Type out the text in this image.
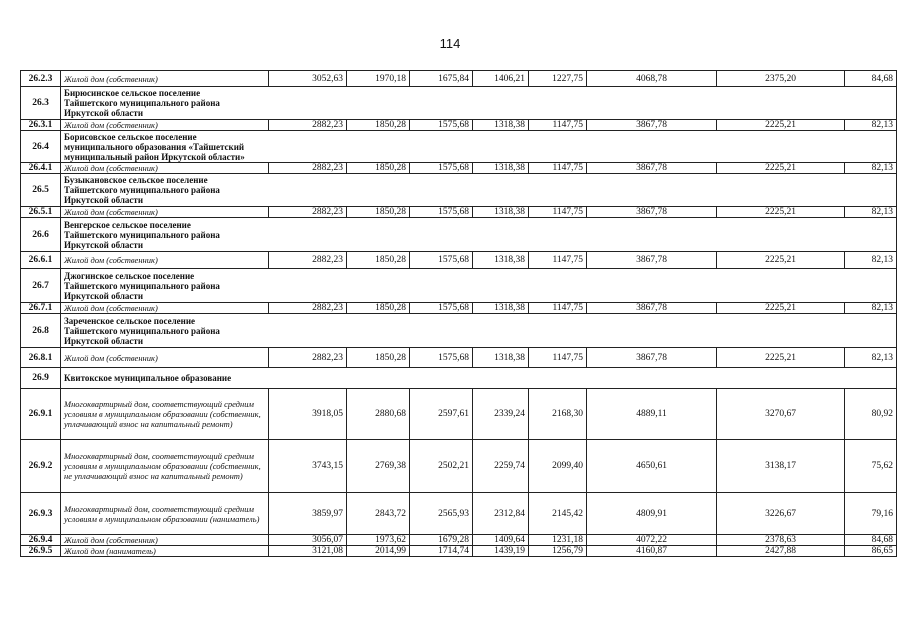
114
26.2.3	Жилой дом (собственник)	3052,63	1970,18	1675,84	1406,21	1227,75	4068,78	2375,20	84,68
26.3	Бирюсинское сельское поселение
Тайшетского муниципального района
Иркутской области								

26.3.1	Жилой дом (собственник)	2882,23	1850,28	1575,68	1318,38	1147,75	3867,78	2225,21	82,13
26.4	Борисовское сельское поселение
муниципального образования «Тайшетский
муниципальный район Иркутской области»								

26.4.1	Жилой дом (собственник)	2882,23	1850,28	1575,68	1318,38	1147,75	3867,78	2225,21	82,13
26.5	Бузыкановское сельское поселение
Тайшетского муниципального района
Иркутской области								

26.5.1	Жилой дом (собственник)	2882,23	1850,28	1575,68	1318,38	1147,75	3867,78	2225,21	82,13
26.6	Венгерское сельское поселение
Тайшетского муниципального района
Иркутской области								

26.6.1	Жилой дом (собственник)	2882,23	1850,28	1575,68	1318,38	1147,75	3867,78	2225,21	82,13
26.7	Джогинское сельское поселение
Тайшетского муниципального района
Иркутской области								

26.7.1	Жилой дом (собственник)	2882,23	1850,28	1575,68	1318,38	1147,75	3867,78	2225,21	82,13
26.8	Зареченское сельское поселение
Тайшетского муниципального района
Иркутской области								

26.8.1	Жилой дом (собственник)	2882,23	1850,28	1575,68	1318,38	1147,75	3867,78	2225,21	82,13
26.9	Квитокское муниципальное образование								

26.9.1	Многоквартирный дом, соответствующий средним условиям в муниципальном образовании (собственник, уплачивающий взнос на капитальный ремонт)	3918,05	2880,68	2597,61	2339,24	2168,30	4889,11	3270,67	80,92
26.9.2	Многоквартирный дом, соответствующий средним условиям в муниципальном образовании (собственник, не уплачивающий взнос на капитальный ремонт)	3743,15	2769,38	2502,21	2259,74	2099,40	4650,61	3138,17	75,62
26.9.3	Многоквартирный дом, соответствующий средним условиям в муниципальном образовании (наниматель)	3859,97	2843,72	2565,93	2312,84	2145,42	4809,91	3226,67	79,16
26.9.4	Жилой дом (собственник)	3056,07	1973,62	1679,28	1409,64	1231,18	4072,22	2378,63	84,68
26.9.5	Жилой дом (наниматель)	3121,08	2014,99	1714,74	1439,19	1256,79	4160,87	2427,88	86,65
